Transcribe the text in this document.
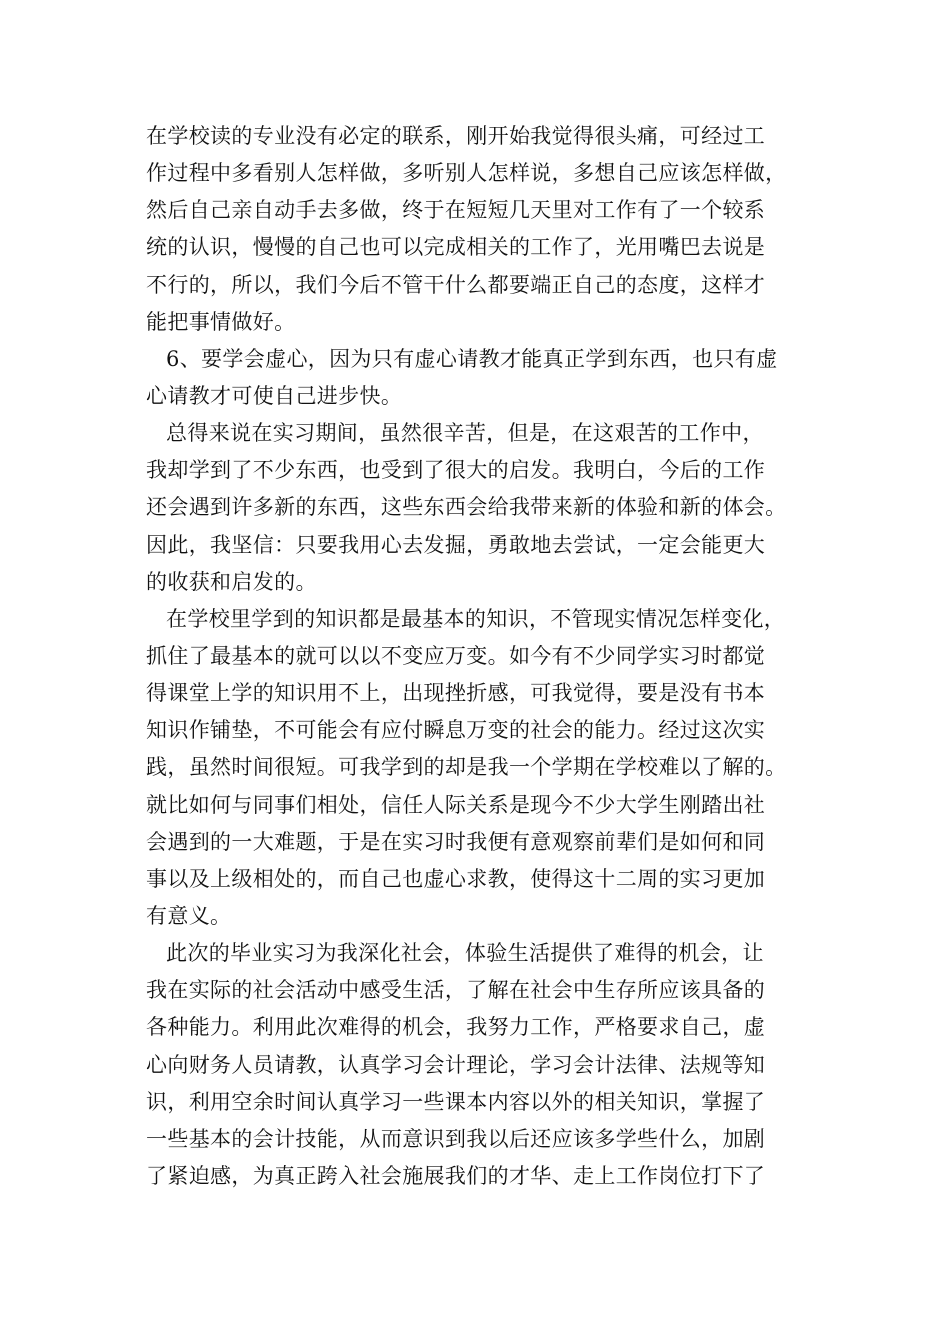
在学校读的专业没有必定的联系，刚开始我觉得很头痛，可经过工
作过程中多看别人怎样做，多听别人怎样说，多想自己应该怎样做，
然后自己亲自动手去多做，终于在短短几天里对工作有了一个较系
统的认识，慢慢的自己也可以完成相关的工作了，光用嘴巴去说是
不行的，所以，我们今后不管干什么都要端正自己的态度，这样才
能把事情做好。
6、要学会虚心，因为只有虚心请教才能真正学到东西，也只有虚
心请教才可使自己进步快。
总得来说在实习期间，虽然很辛苦，但是，在这艰苦的工作中，
我却学到了不少东西，也受到了很大的启发。我明白，今后的工作
还会遇到许多新的东西，这些东西会给我带来新的体验和新的体会。
因此，我坚信：只要我用心去发掘，勇敢地去尝试，一定会能更大
的收获和启发的。
在学校里学到的知识都是最基本的知识，不管现实情况怎样变化，
抓住了最基本的就可以以不变应万变。如今有不少同学实习时都觉
得课堂上学的知识用不上，出现挫折感，可我觉得，要是没有书本
知识作铺垫，不可能会有应付瞬息万变的社会的能力。经过这次实
践，虽然时间很短。可我学到的却是我一个学期在学校难以了解的。
就比如何与同事们相处，信任人际关系是现今不少大学生刚踏出社
会遇到的一大难题，于是在实习时我便有意观察前辈们是如何和同
事以及上级相处的，而自己也虚心求教，使得这十二周的实习更加
有意义。
此次的毕业实习为我深化社会，体验生活提供了难得的机会，让
我在实际的社会活动中感受生活，了解在社会中生存所应该具备的
各种能力。利用此次难得的机会，我努力工作，严格要求自己，虚
心向财务人员请教，认真学习会计理论，学习会计法律、法规等知
识，利用空余时间认真学习一些课本内容以外的相关知识，掌握了
一些基本的会计技能，从而意识到我以后还应该多学些什么，加剧
了紧迫感，为真正跨入社会施展我们的才华、走上工作岗位打下了
